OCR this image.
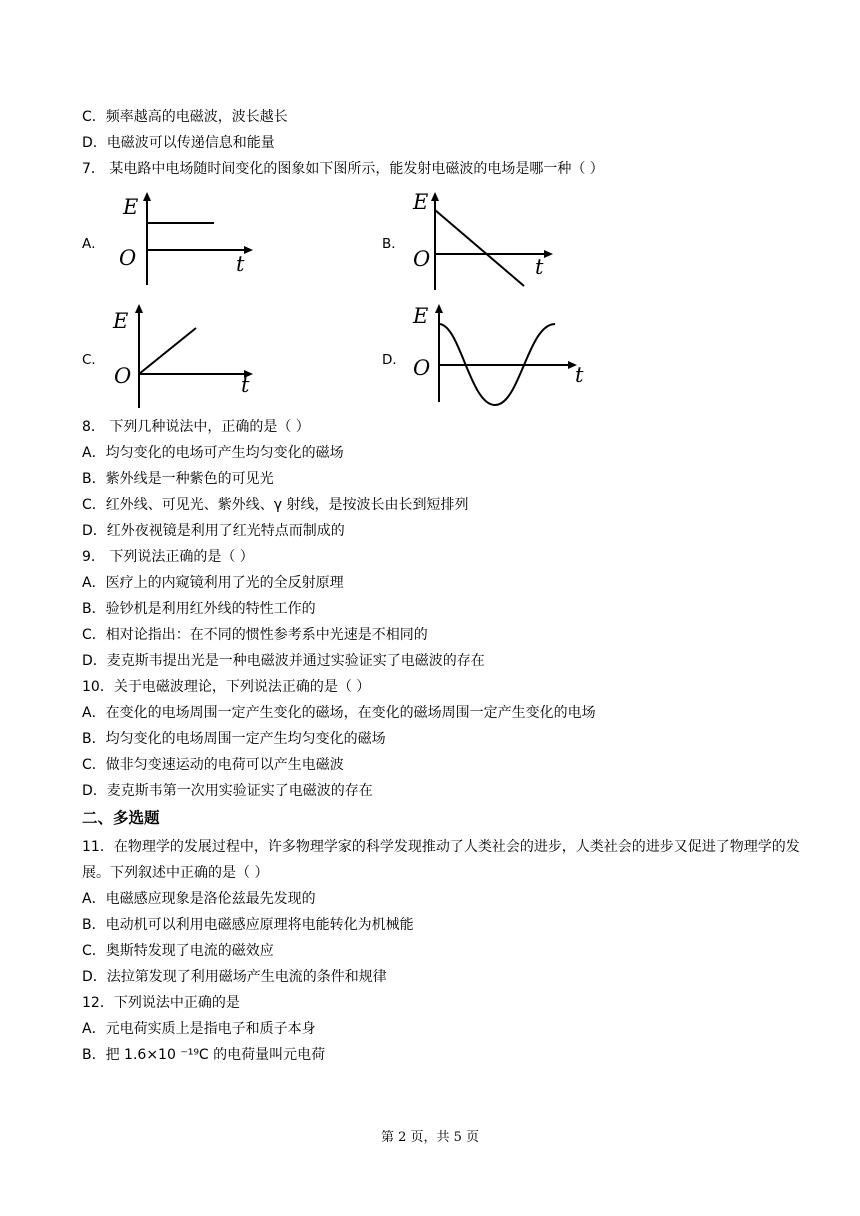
C．频率越高的电磁波，波长越长
D．电磁波可以传递信息和能量
7． 某电路中电场随时间变化的图象如下图所示，能发射电磁波的电场是哪一种（ ）
A．
E
O	t
B．
E
O	t
C．
E
O	t
D．
E
O	t
8． 下列几种说法中，正确的是（ ）
A．均匀变化的电场可产生均匀变化的磁场
B．紫外线是一种紫色的可见光
C．红外线、可见光、紫外线、γ 射线，是按波长由长到短排列
D．红外夜视镜是利用了红光特点而制成的
9． 下列说法正确的是（ ）
A．医疗上的内窥镜利用了光的全反射原理
B．验钞机是利用红外线的特性工作的
C．相对论指出：在不同的惯性参考系中光速是不相同的
D．麦克斯韦提出光是一种电磁波并通过实验证实了电磁波的存在
10．关于电磁波理论，下列说法正确的是（ ）
A．在变化的电场周围一定产生变化的磁场，在变化的磁场周围一定产生变化的电场
B．均匀变化的电场周围一定产生均匀变化的磁场
C．做非匀变速运动的电荷可以产生电磁波
D．麦克斯韦第一次用实验证实了电磁波的存在
二、多选题
11．在物理学的发展过程中，许多物理学家的科学发现推动了人类社会的进步，人类社会的进步又促进了物理学的发展。下列叙述中正确的是（ ）
A．电磁感应现象是洛伦兹最先发现的
B．电动机可以利用电磁感应原理将电能转化为机械能
C．奥斯特发现了电流的磁效应
D．法拉第发现了利用磁场产生电流的条件和规律
12．下列说法中正确的是
A．元电荷实质上是指电子和质子本身
B．把 1.6×10 ⁻¹⁹C 的电荷量叫元电荷
第 2 页，共 5 页
